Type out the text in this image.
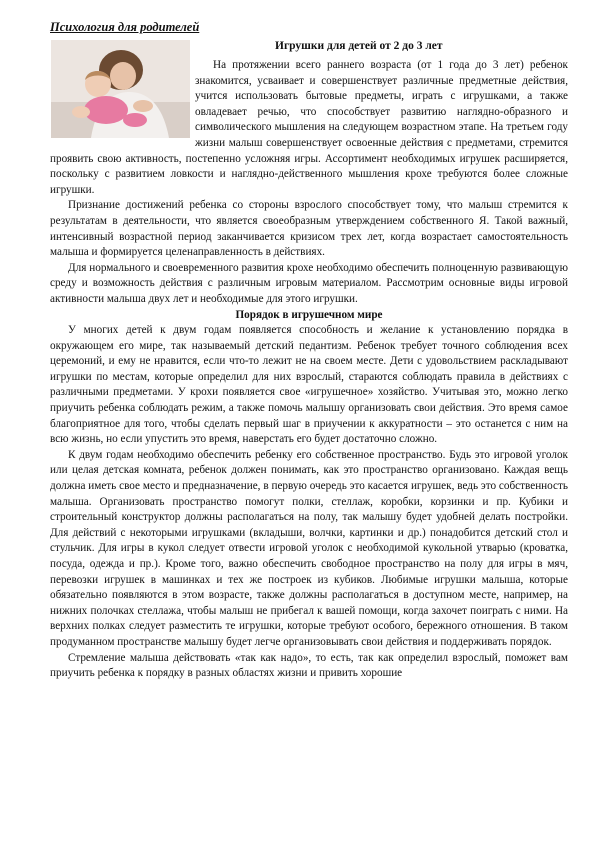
Психология для родителей
Игрушки для детей от 2 до 3 лет

На протяжении всего раннего возраста (от 1 года до 3 лет) ребенок знакомится, усваивает и совершенствует различные предметные действия, учится использовать бытовые предметы, играть с игрушками, а также овладевает речью, что способствует развитию наглядно-образного и символического мышления на следующем возрастном этапе. На третьем году жизни малыш совершенствует освоенные действия с предметами, стремится проявить свою активность, постепенно усложняя игры. Ассортимент необходимых игрушек расширяется, поскольку с развитием ловкости и наглядно-действенного мышления крохе требуются более сложные игрушки.

Признание достижений ребенка со стороны взрослого способствует тому, что малыш стремится к результатам в деятельности, что является своеобразным утверждением собственного Я. Такой важный, интенсивный возрастной период заканчивается кризисом трех лет, когда возрастает самостоятельность малыша и формируется целенаправленность в действиях.

Для нормального и своевременного развития крохе необходимо обеспечить полноценную развивающую среду и возможность действия с различным игровым материалом. Рассмотрим основные виды игровой активности малыша двух лет и необходимые для этого игрушки.

Порядок в игрушечном мире

У многих детей к двум годам появляется способность и желание к установлению порядка в окружающем его мире, так называемый детский педантизм. Ребенок требует точного соблюдения всех церемоний, и ему не нравится, если что-то лежит не на своем месте. Дети с удовольствием раскладывают игрушки по местам, которые определил для них взрослый, стараются соблюдать правила в действиях с различными предметами. У крохи появляется свое «игрушечное» хозяйство. Учитывая это, можно легко приучить ребенка соблюдать режим, а также помочь малышу организовать свои действия. Это время самое благоприятное для того, чтобы сделать первый шаг в приучении к аккуратности – это останется с ним на всю жизнь, но если упустить это время, наверстать его будет достаточно сложно.

К двум годам необходимо обеспечить ребенку его собственное пространство. Будь это игровой уголок или целая детская комната, ребенок должен понимать, как это пространство организовано. Каждая вещь должна иметь свое место и предназначение, в первую очередь это касается игрушек, ведь это собственность малыша. Организовать пространство помогут полки, стеллаж, коробки, корзинки и пр. Кубики и строительный конструктор должны располагаться на полу, так малышу будет удобней делать постройки. Для действий с некоторыми игрушками (вкладыши, волчки, картинки и др.) понадобится детский стол и стульчик. Для игры в кукол следует отвести игровой уголок с необходимой кукольной утварью (кроватка, посуда, одежда и пр.). Кроме того, важно обеспечить свободное пространство на полу для игры в мяч, перевозки игрушек в машинках и тех же построек из кубиков. Любимые игрушки малыша, которые обязательно появляются в этом возрасте, также должны располагаться в доступном месте, например, на нижних полочках стеллажа, чтобы малыш не прибегал к вашей помощи, когда захочет поиграть с ними. На верхних полках следует разместить те игрушки, которые требуют особого, бережного отношения. В таком продуманном пространстве малышу будет легче организовывать свои действия и поддерживать порядок.

Стремление малыша действовать «так как надо», то есть, так как определил взрослый, поможет вам приучить ребенка к порядку в разных областях жизни и привить хорошие
